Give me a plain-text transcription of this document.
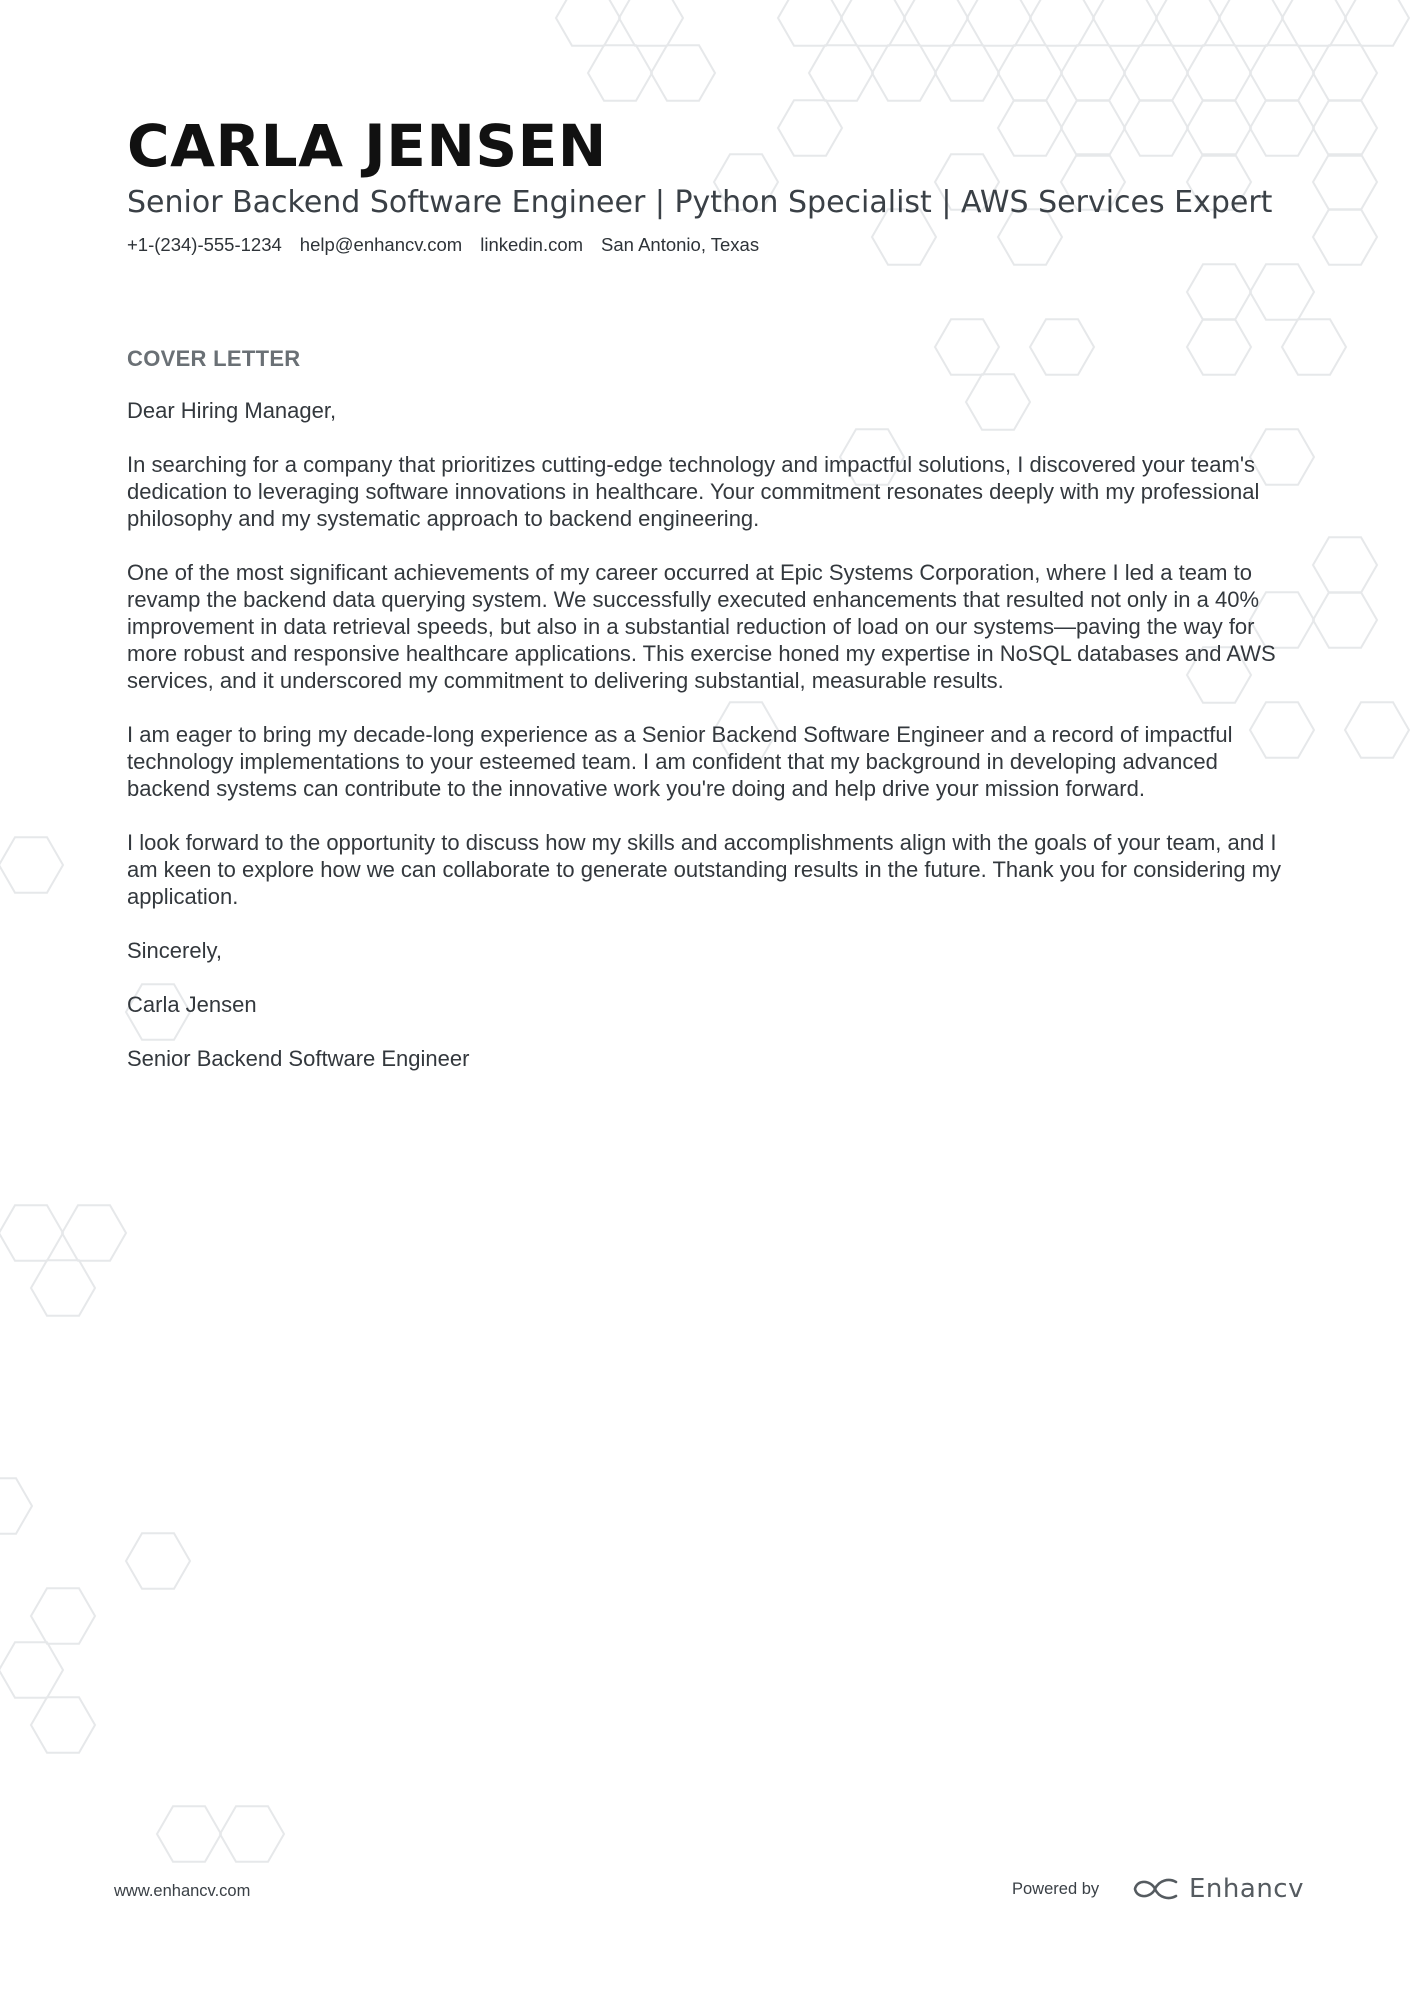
CARLA JENSEN
Senior Backend Software Engineer | Python Specialist | AWS Services Expert
+1-(234)-555-1234 help@enhancv.com linkedin.com San Antonio, Texas
COVER LETTER

Dear Hiring Manager,

In searching for a company that prioritizes cutting-edge technology and impactful solutions, I discovered your team's dedication to leveraging software innovations in healthcare. Your commitment resonates deeply with my professional philosophy and my systematic approach to backend engineering.

One of the most significant achievements of my career occurred at Epic Systems Corporation, where I led a team to revamp the backend data querying system. We successfully executed enhancements that resulted not only in a 40% improvement in data retrieval speeds, but also in a substantial reduction of load on our systems—paving the way for more robust and responsive healthcare applications. This exercise honed my expertise in NoSQL databases and AWS services, and it underscored my commitment to delivering substantial, measurable results.

I am eager to bring my decade-long experience as a Senior Backend Software Engineer and a record of impactful technology implementations to your esteemed team. I am confident that my background in developing advanced backend systems can contribute to the innovative work you're doing and help drive your mission forward.

I look forward to the opportunity to discuss how my skills and accomplishments align with the goals of your team, and I am keen to explore how we can collaborate to generate outstanding results in the future. Thank you for considering my application.

Sincerely,

Carla Jensen

Senior Backend Software Engineer

www.enhancv.com	Powered by	Enhancv
